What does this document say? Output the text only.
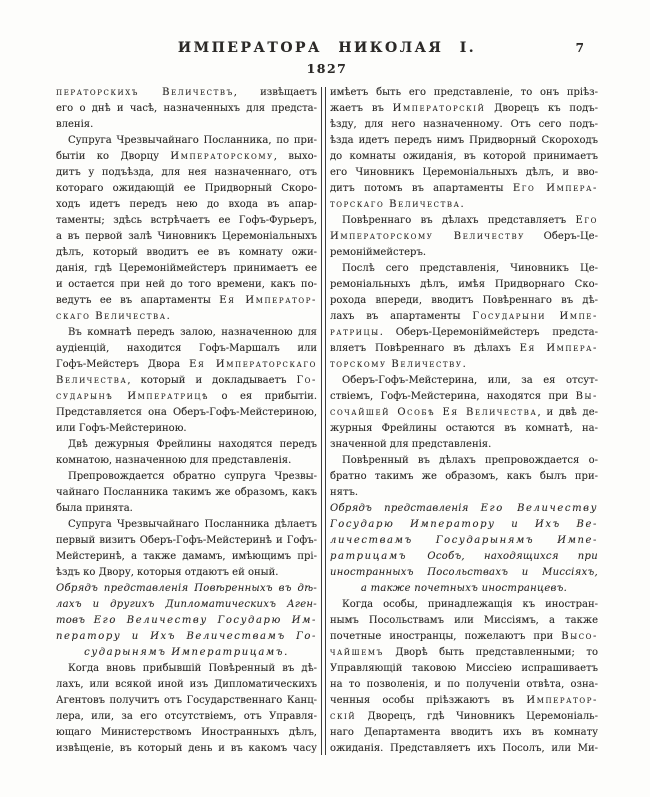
ИМПЕРАТОРА НИКОЛАЯ I.	7
1827
ператорскихъ Величествъ, извѣщаетъ
его о днѣ и часѣ, назначенныхъ для предста-
вленія.
Супруга Чрезвычайнаго Посланника, по при-
бытіи ко Дворцу Императорскому, выхо-
дитъ у подъѣзда, для нея назначеннаго, отъ
котораго ожидающій ее Придворный Скоро-
ходъ идетъ передъ нею до входа въ апар-
таменты; здѣсь встрѣчаетъ ее Гофъ-Фурьеръ,
а въ первой залѣ Чиновникъ Церемоніальныхъ
дѣлъ, который вводитъ ее въ комнату ожи-
данія, гдѣ Церемоніймейстеръ принимаетъ ее
и остается при ней до того времени, какъ по-
ведутъ ее въ апартаменты Ея Император-
скаго Величества.
Въ комнатѣ передъ залою, назначенною для
аудіенцій, находится Гофъ-Маршалъ или
Гофъ-Мейстеръ Двора Ея Императорскаго
Величества, который и докладываетъ Го-
сударынѣ Императрицѣ о ея прибытіи.
Представляется она Оберъ-Гофъ-Мейстериною,
или Гофъ-Мейстериною.
Двѣ дежурныя Фрейлины находятся передъ
комнатою, назначенною для представленія.
Препровождается обратно супруга Чрезвы-
чайнаго Посланника такимъ же образомъ, какъ
была принята.
Супруга Чрезвычайнаго Посланника дѣлаетъ
первый визитъ Оберъ-Гофъ-Мейстеринѣ и Гофъ-
Мейстеринѣ, а также дамамъ, имѣющимъ прі-
ѣздъ ко Двору, которыя отдаютъ ей оный.
Обрядъ представленія Повѣренныхъ въ дѣ-
лахъ и другихъ Дипломатическихъ Аген-
товъ Его Величеству Государю Им-
ператору и Ихъ Величествамъ Го-
сударынямъ Императрицамъ.
Когда вновь прибывшій Повѣренный въ дѣ-
лахъ, или всякой иной изъ Дипломатическихъ
Агентовъ получитъ отъ Государственнаго Канц-
лера, или, за его отсутствіемъ, отъ Управля-
ющаго Министерствомъ Иностранныхъ дѣлъ,
извѣщеніе, въ который день и въ какомъ часу
имѣетъ быть его представленіе, то онъ пріѣз-
жаетъ въ Императорскій Дворецъ къ подъ-
ѣзду, для него назначенному. Отъ сего подъ-
ѣзда идетъ передъ нимъ Придворный Скороходъ
до комнаты ожиданія, въ которой принимаетъ
его Чиновникъ Церемоніальныхъ дѣлъ, и вво-
дитъ потомъ въ апартаменты Его Импера-
торскаго Величества.
Повѣреннаго въ дѣлахъ представляетъ Его
Императорскому Величеству Оберъ-Це-
ремоніймейстеръ.
Послѣ сего представленія, Чиновникъ Це-
ремоніальныхъ дѣлъ, имѣя Придворнаго Ско-
рохода впереди, вводитъ Повѣреннаго въ дѣ-
лахъ въ апартаменты Государыни Импе-
ратрицы. Оберъ-Церемоніймейстеръ предста-
вляетъ Повѣреннаго въ дѣлахъ Ея Импера-
торскому Величеству.
Оберъ-Гофъ-Мейстерина, или, за ея отсут-
ствіемъ, Гофъ-Мейстерина, находятся при Вы-
сочайшей Особѣ Ея Величества, и двѣ де-
журныя Фрейлины остаются въ комнатѣ, на-
значенной для представленія.
Повѣренный въ дѣлахъ препровождается о-
братно такимъ же образомъ, какъ былъ при-
нятъ.
Обрядъ представленія Его Величеству
Государю Императору и Ихъ Ве-
личествамъ Государынямъ Импе-
ратрицамъ Особъ, находящихся при
иностранныхъ Посольствахъ и Миссіяхъ,
а также почетныхъ иностранцевъ.
Когда особы, принадлежащія къ иностран-
нымъ Посольствамъ или Миссіямъ, а также
почетные иностранцы, пожелаютъ при Высо-
чайшемъ Дворѣ быть представленными; то
Управляющій таковою Миссіею испрашиваетъ
на то позволенія, и по полученіи отвѣта, озна-
ченныя особы пріѣзжаютъ въ Император-
скій Дворецъ, гдѣ Чиновникъ Церемоніаль-
наго Департамента вводитъ ихъ въ комнату
ожиданія. Представляетъ ихъ Посолъ, или Ми-
